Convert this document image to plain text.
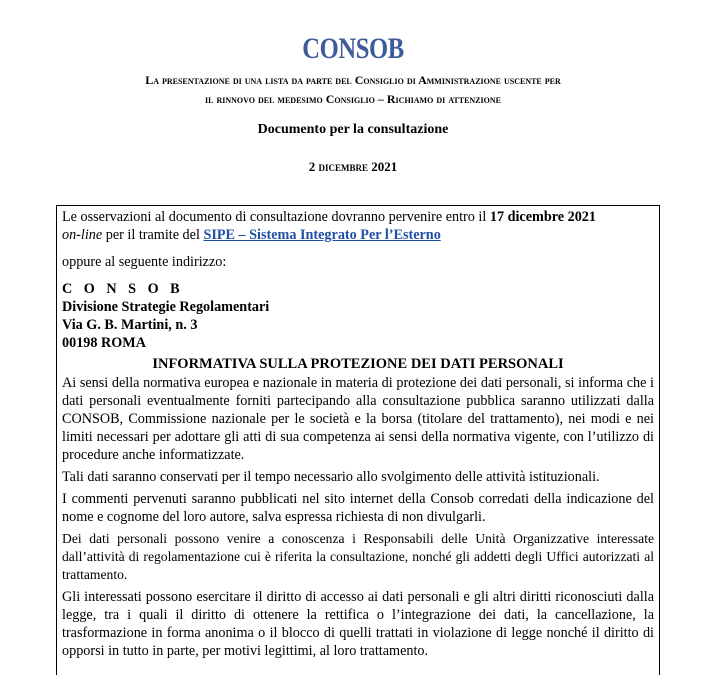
CONSOB
La presentazione di una lista da parte del Consiglio di Amministrazione uscente per
il rinnovo del medesimo Consiglio – Richiamo di attenzione
Documento per la consultazione
2 dicembre 2021

Le osservazioni al documento di consultazione dovranno pervenire entro il 17 dicembre 2021
on-line per il tramite del SIPE – Sistema Integrato Per l’Esterno

oppure al seguente indirizzo:

C O N S O B
Divisione Strategie Regolamentari
Via G. B. Martini, n. 3
00198 ROMA
INFORMATIVA SULLA PROTEZIONE DEI DATI PERSONALI

Ai sensi della normativa europea e nazionale in materia di protezione dei dati personali, si informa che i dati personali eventualmente forniti partecipando alla consultazione pubblica saranno utilizzati dalla CONSOB, Commissione nazionale per le società e la borsa (titolare del trattamento), nei modi e nei limiti necessari per adottare gli atti di sua competenza ai sensi della normativa vigente, con l’utilizzo di procedure anche informatizzate.

Tali dati saranno conservati per il tempo necessario allo svolgimento delle attività istituzionali.

I commenti pervenuti saranno pubblicati nel sito internet della Consob corredati della indicazione del nome e cognome del loro autore, salva espressa richiesta di non divulgarli.

Dei dati personali possono venire a conoscenza i Responsabili delle Unità Organizzative interessate dall’attività di regolamentazione cui è riferita la consultazione, nonché gli addetti degli Uffici autorizzati al trattamento.

Gli interessati possono esercitare il diritto di accesso ai dati personali e gli altri diritti riconosciuti dalla legge, tra i quali il diritto di ottenere la rettifica o l’integrazione dei dati, la cancellazione, la trasformazione in forma anonima o il blocco di quelli trattati in violazione di legge nonché il diritto di opporsi in tutto in parte, per motivi legittimi, al loro trattamento.
